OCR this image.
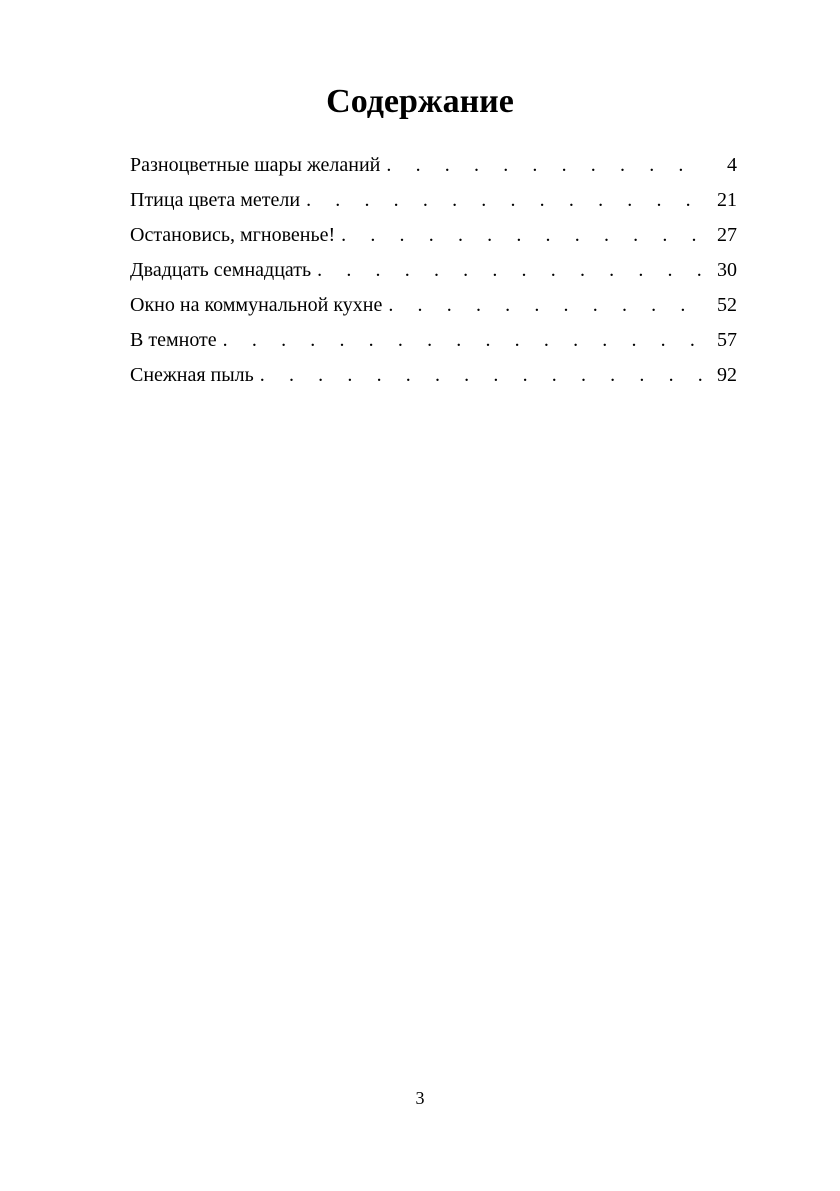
Содержание
Разноцветные шары желаний . . .	4
Птица цвета метели . . .	21
Остановись, мгновенье! . . .	27
Двадцать семнадцать . . .	30
Окно на коммунальной кухне . . .	52
В темноте . . .	57
Снежная пыль . . .	92
3
